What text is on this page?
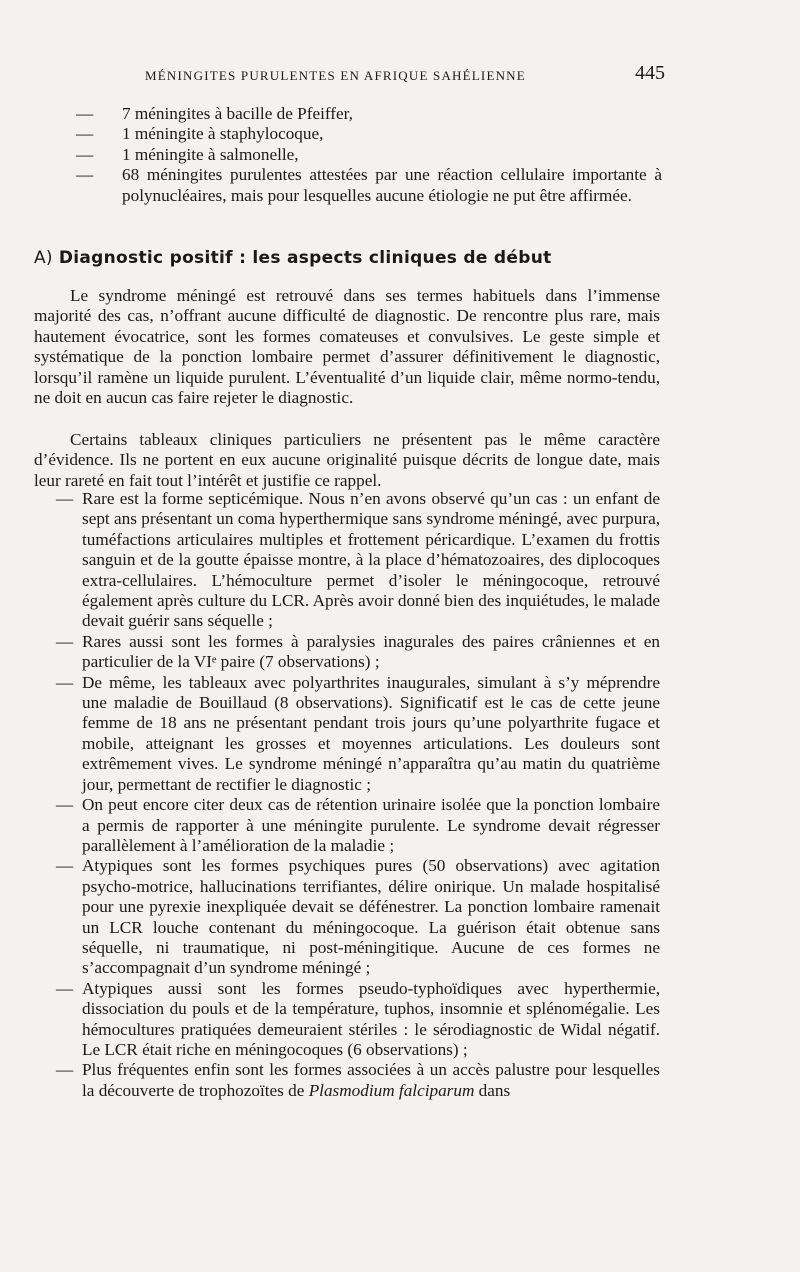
MÉNINGITES PURULENTES EN AFRIQUE SAHÉLIENNE	445
— 7 méningites à bacille de Pfeiffer,
— 1 méningite à staphylocoque,
— 1 méningite à salmonelle,
— 68 méningites purulentes attestées par une réaction cellulaire importante à polynucléaires, mais pour lesquelles aucune étiologie ne put être affirmée.
A) Diagnostic positif : les aspects cliniques de début

Le syndrome méningé est retrouvé dans ses termes habituels dans l’immense majorité des cas, n’offrant aucune difficulté de diagnostic. De rencontre plus rare, mais hautement évocatrice, sont les formes comateuses et convulsives. Le geste simple et systématique de la ponction lombaire permet d’assurer définitivement le diagnostic, lorsqu’il ramène un liquide purulent. L’éventualité d’un liquide clair, même normo-tendu, ne doit en aucun cas faire rejeter le diagnostic.

Certains tableaux cliniques particuliers ne présentent pas le même caractère d’évidence. Ils ne portent en eux aucune originalité puisque décrits de longue date, mais leur rareté en fait tout l’intérêt et justifie ce rappel.

— Rare est la forme septicémique. Nous n’en avons observé qu’un cas : un enfant de sept ans présentant un coma hyperthermique sans syndrome méningé, avec purpura, tuméfactions articulaires multiples et frottement péricardique. L’examen du frottis sanguin et de la goutte épaisse montre, à la place d’hématozoaires, des diplocoques extra-cellulaires. L’hémoculture permet d’isoler le méningocoque, retrouvé également après culture du LCR. Après avoir donné bien des inquiétudes, le malade devait guérir sans séquelle ;
— Rares aussi sont les formes à paralysies inagurales des paires crâniennes et en particulier de la VIᵉ paire (7 observations) ;
— De même, les tableaux avec polyarthrites inaugurales, simulant à s’y méprendre une maladie de Bouillaud (8 observations). Significatif est le cas de cette jeune femme de 18 ans ne présentant pendant trois jours qu’une polyarthrite fugace et mobile, atteignant les grosses et moyennes articulations. Les douleurs sont extrêmement vives. Le syndrome méningé n’apparaîtra qu’au matin du quatrième jour, permettant de rectifier le diagnostic ;
— On peut encore citer deux cas de rétention urinaire isolée que la ponction lombaire a permis de rapporter à une méningite purulente. Le syndrome devait régresser parallèlement à l’amélioration de la maladie ;
— Atypiques sont les formes psychiques pures (50 observations) avec agitation psycho-motrice, hallucinations terrifiantes, délire onirique. Un malade hospitalisé pour une pyrexie inexpliquée devait se défénestrer. La ponction lombaire ramenait un LCR louche contenant du méningocoque. La guérison était obtenue sans séquelle, ni traumatique, ni post-méningitique. Aucune de ces formes ne s’accompagnait d’un syndrome méningé ;
— Atypiques aussi sont les formes pseudo-typhoïdiques avec hyperthermie, dissociation du pouls et de la température, tuphos, insomnie et splénomégalie. Les hémocultures pratiquées demeuraient stériles : le sérodiagnostic de Widal négatif. Le LCR était riche en méningocoques (6 observations) ;
— Plus fréquentes enfin sont les formes associées à un accès palustre pour lesquelles la découverte de trophozoïtes de Plasmodium falciparum dans
